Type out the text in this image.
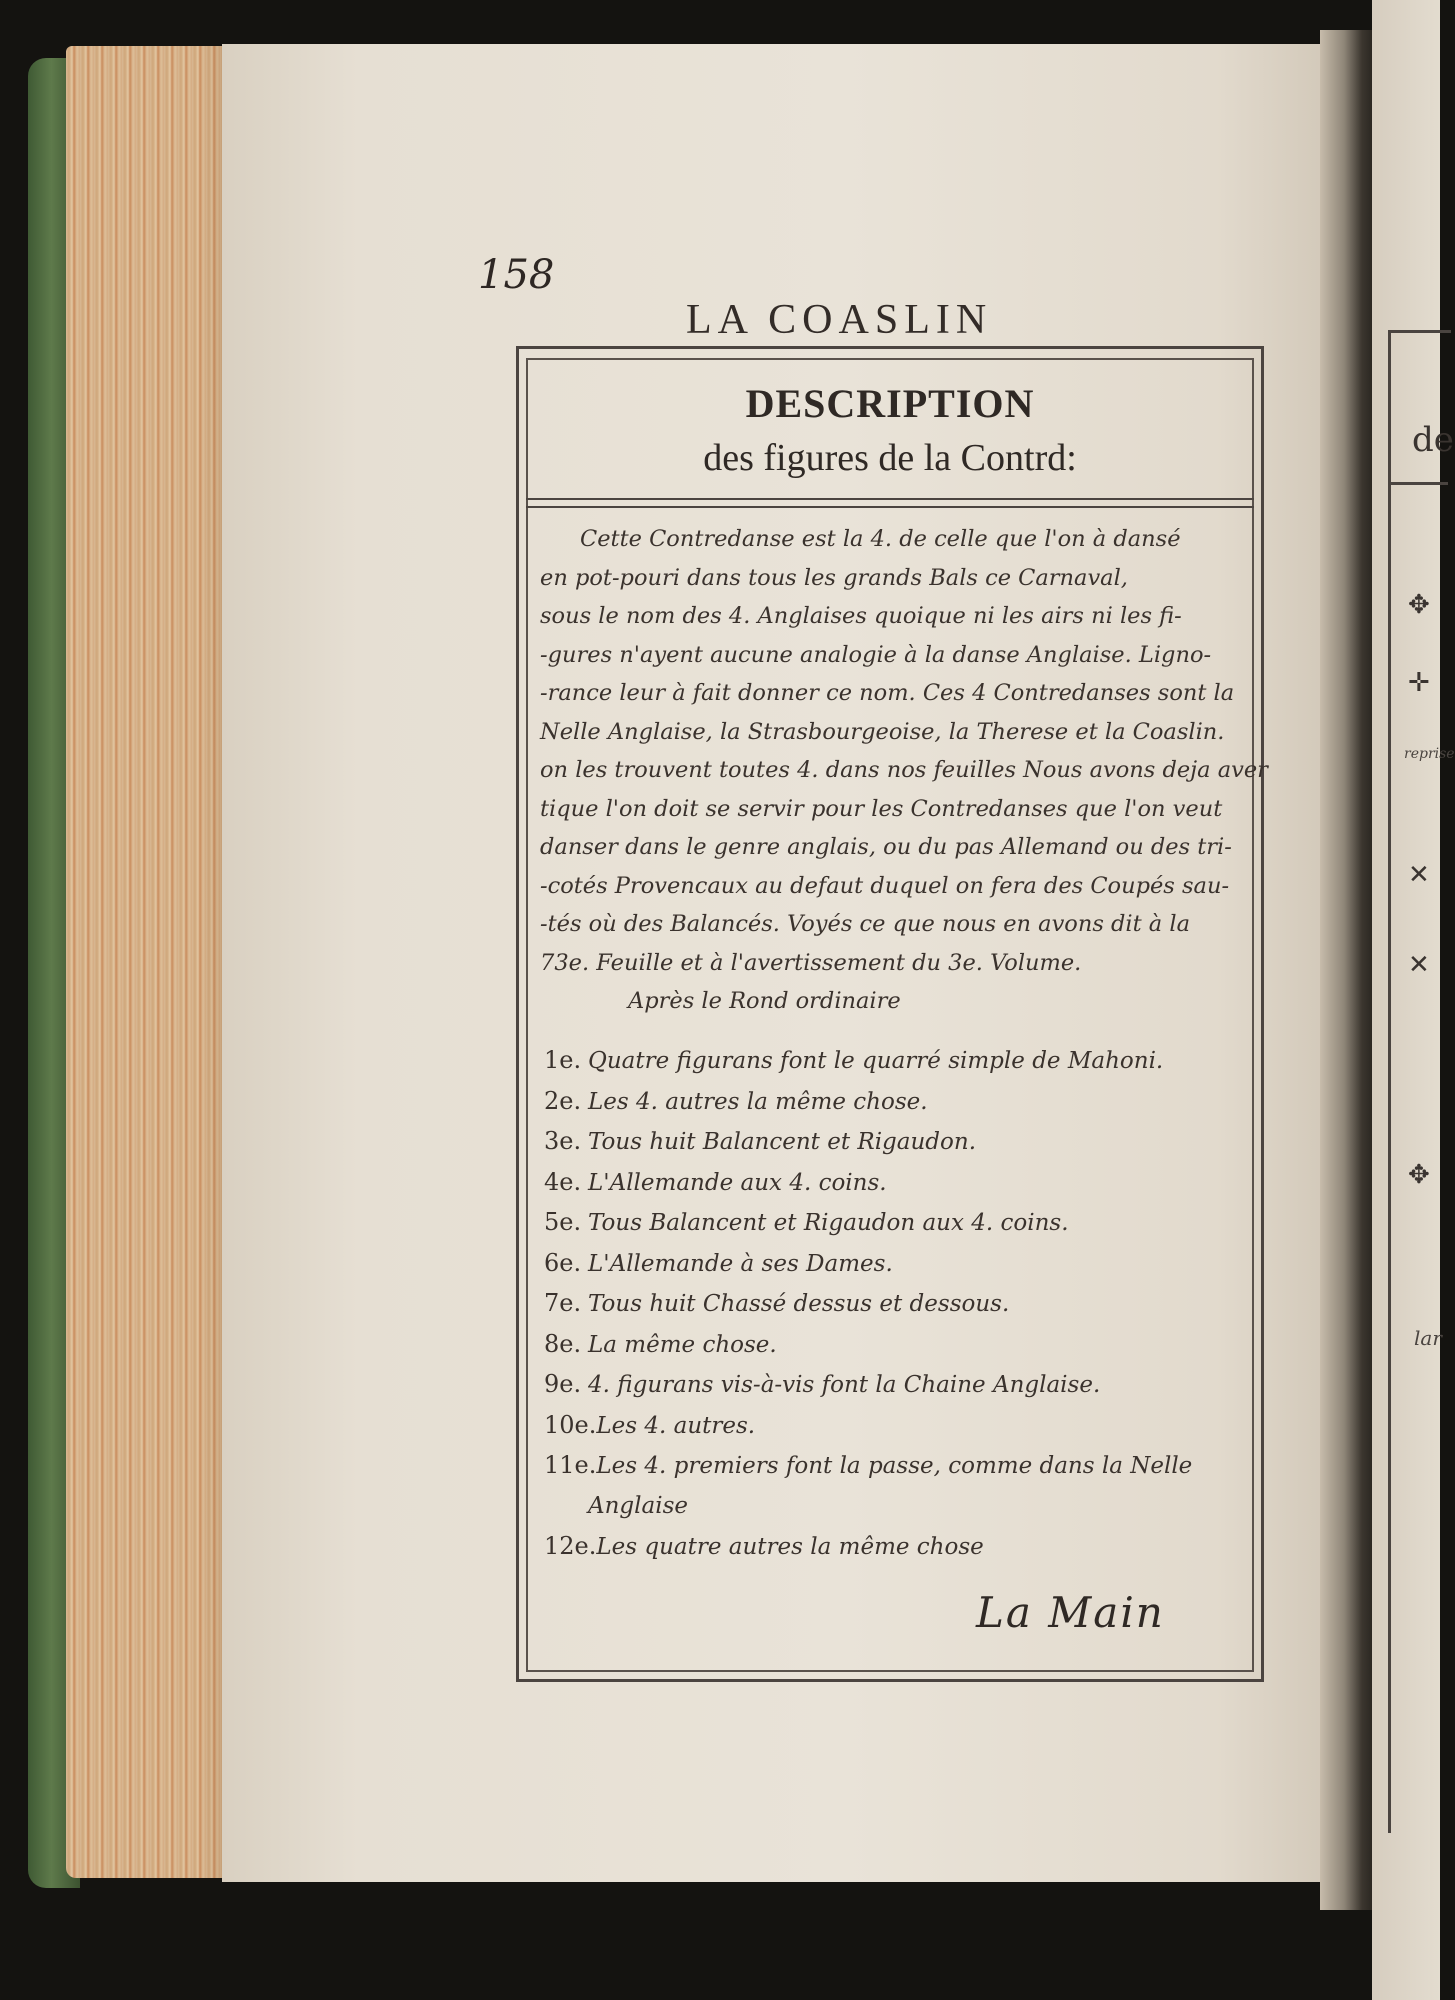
de
reprise
lar
✥
✛
✕
✕
✥
158
LA COASLIN
DESCRIPTION
des figures de la Contrd:
Cette Contredanse est la 4. de celle que l'on à dansé
en pot-pouri dans tous les grands Bals ce Carnaval,
sous le nom des 4. Anglaises quoique ni les airs ni les fi-
-gures n'ayent aucune analogie à la danse Anglaise. Ligno-
-rance leur à fait donner ce nom. Ces 4 Contredanses sont la
Nelle Anglaise, la Strasbourgeoise, la Therese et la Coaslin.
on les trouvent toutes 4. dans nos feuilles Nous avons deja aver
tique l'on doit se servir pour les Contredanses que l'on veut
danser dans le genre anglais, ou du pas Allemand ou des tri-
-cotés Provencaux au defaut duquel on fera des Coupés sau-
-tés où des Balancés. Voyés ce que nous en avons dit à la
73e. Feuille et à l'avertissement du 3e. Volume.
Après le Rond ordinaire
1e. Quatre figurans font le quarré simple de Mahoni.
2e. Les 4. autres la même chose.
3e. Tous huit Balancent et Rigaudon.
4e. L'Allemande aux 4. coins.
5e. Tous Balancent et Rigaudon aux 4. coins.
6e. L'Allemande à ses Dames.
7e. Tous huit Chassé dessus et dessous.
8e. La même chose.
9e. 4. figurans vis-à-vis font la Chaine Anglaise.
10e.Les 4. autres.
11e.Les 4. premiers font la passe, comme dans la Nelle
Anglaise
12e.Les quatre autres la même chose
La Main
